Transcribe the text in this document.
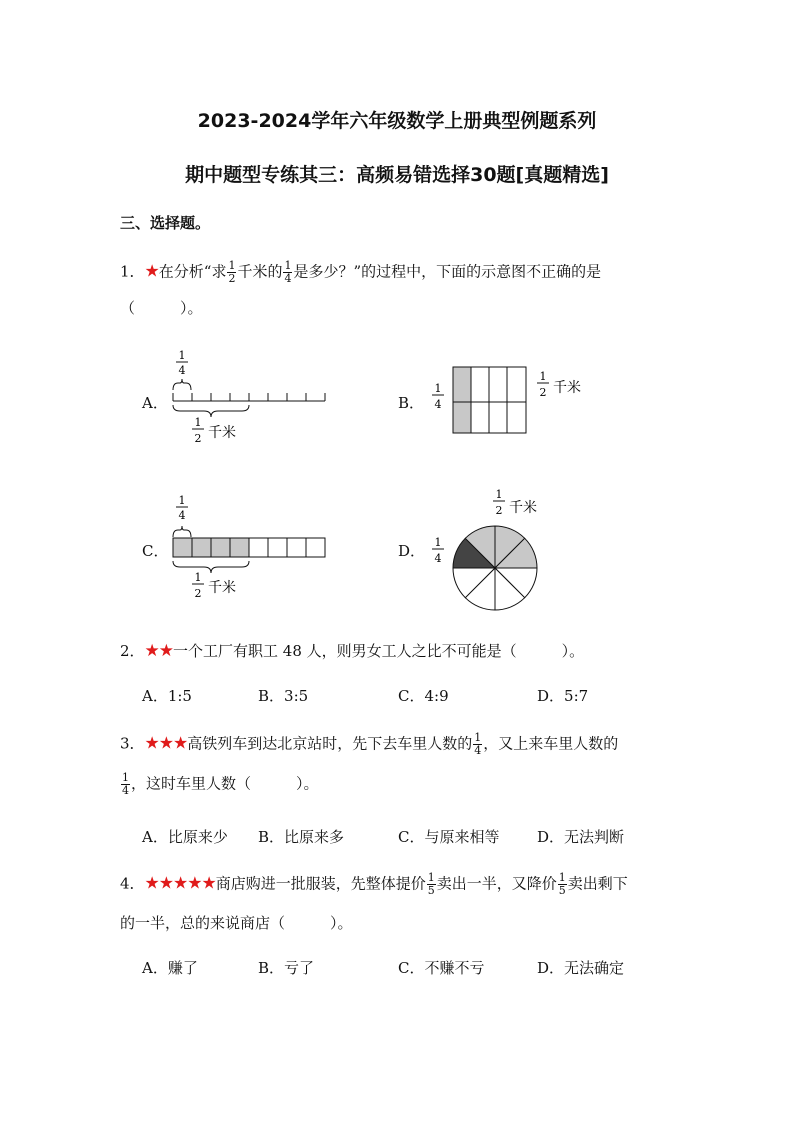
2023-2024学年六年级数学上册典型例题系列
期中题型专练其三：高频易错选择30题[真题精选]
三、选择题。
1．★在分析“求 $\frac{1}{2}$ 千米的 $\frac{1}{4}$ 是多少？”的过程中，下面的示意图不正确的是
（　　　）。
A．
1
4
1
2 千米
B．
1
4
1
2 千米
C．
1
4
1
2 千米
D． 1
4
1
2 千米
2．★★一个工厂有职工 48 人，则男女工人之比不可能是（　　　）。
A．1:5	B．3:5	C．4:9	D．5:7
3．★★★高铁列车到达北京站时，先下去车里人数的 $\frac{1}{4}$ ，又上来车里人数的
$\frac{1}{4}$ ，这时车里人数（　　　）。
A．比原来少 B．比原来多	C．与原来相等	D．无法判断
4．★★★★★商店购进一批服装，先整体提价 $\frac{1}{5}$ 卖出一半，又降价 $\frac{1}{5}$ 卖出剩下
的一半，总的来说商店（　　　）。
A．赚了	B．亏了	C．不赚不亏	D．无法确定
